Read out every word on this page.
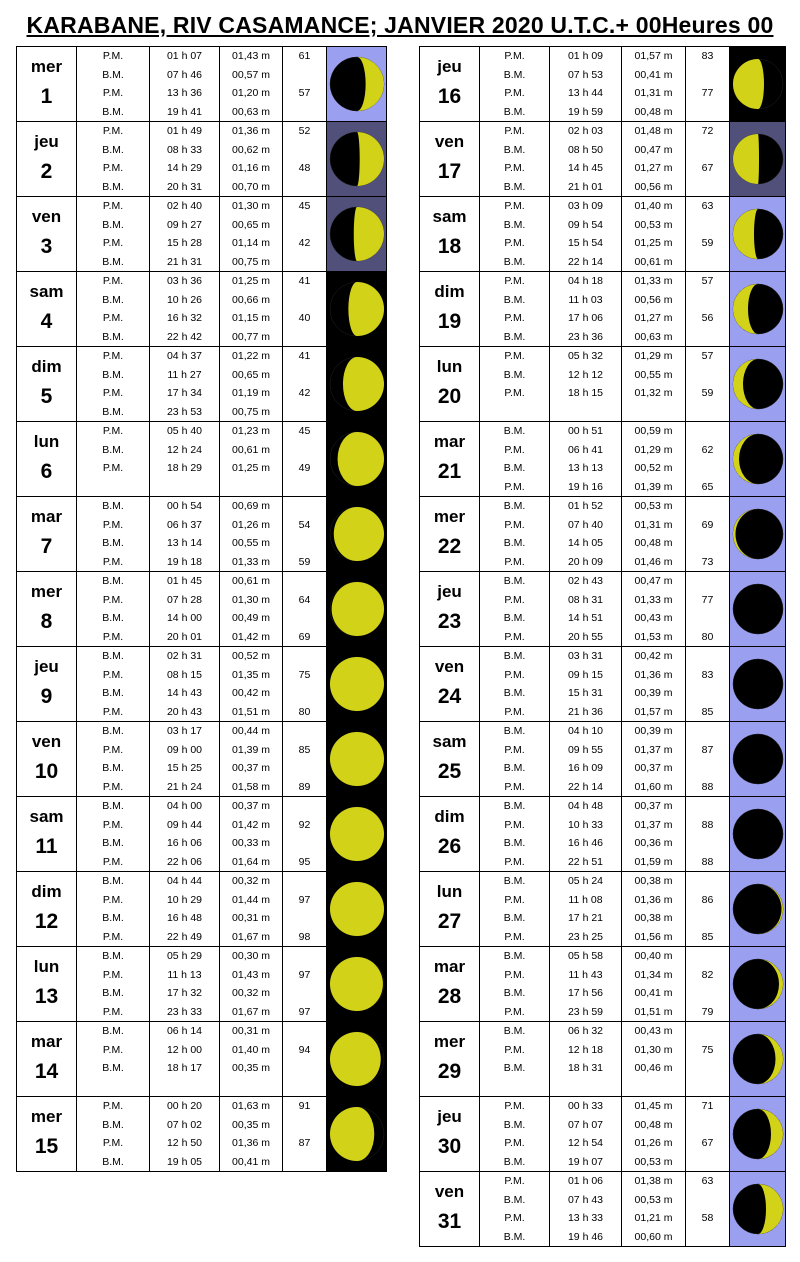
KARABANE, RIV CASAMANCE; JANVIER 2020 U.T.C.+ 00Heures 00
mer
1	P.M.	01 h 07	01,43 m	61	

	B.M.	07 h 46	00,57 m		
	P.M.	13 h 36	01,20 m	57	
	B.M.	19 h 41	00,63 m		

jeu
2	P.M.	01 h 49	01,36 m	52	

	B.M.	08 h 33	00,62 m		
	P.M.	14 h 29	01,16 m	48	
	B.M.	20 h 31	00,70 m		

ven
3	P.M.	02 h 40	01,30 m	45	

	B.M.	09 h 27	00,65 m		
	P.M.	15 h 28	01,14 m	42	
	B.M.	21 h 31	00,75 m		

sam
4	P.M.	03 h 36	01,25 m	41	

	B.M.	10 h 26	00,66 m		
	P.M.	16 h 32	01,15 m	40	
	B.M.	22 h 42	00,77 m		

dim
5	P.M.	04 h 37	01,22 m	41	

	B.M.	11 h 27	00,65 m		
	P.M.	17 h 34	01,19 m	42	
	B.M.	23 h 53	00,75 m		

lun
6	P.M.	05 h 40	01,23 m	45	

	B.M.	12 h 24	00,61 m		
	P.M.	18 h 29	01,25 m	49	

mar
7	B.M.	00 h 54	00,69 m		

	P.M.	06 h 37	01,26 m	54	
	B.M.	13 h 14	00,55 m		
	P.M.	19 h 18	01,33 m	59	

mer
8	B.M.	01 h 45	00,61 m		

	P.M.	07 h 28	01,30 m	64	
	B.M.	14 h 00	00,49 m		
	P.M.	20 h 01	01,42 m	69	

jeu
9	B.M.	02 h 31	00,52 m		

	P.M.	08 h 15	01,35 m	75	
	B.M.	14 h 43	00,42 m		
	P.M.	20 h 43	01,51 m	80	

ven
10	B.M.	03 h 17	00,44 m		

	P.M.	09 h 00	01,39 m	85	
	B.M.	15 h 25	00,37 m		
	P.M.	21 h 24	01,58 m	89	

sam
11	B.M.	04 h 00	00,37 m		

	P.M.	09 h 44	01,42 m	92	
	B.M.	16 h 06	00,33 m		
	P.M.	22 h 06	01,64 m	95	

dim
12	B.M.	04 h 44	00,32 m		

	P.M.	10 h 29	01,44 m	97	
	B.M.	16 h 48	00,31 m		
	P.M.	22 h 49	01,67 m	98	

lun
13	B.M.	05 h 29	00,30 m		

	P.M.	11 h 13	01,43 m	97	
	B.M.	17 h 32	00,32 m		
	P.M.	23 h 33	01,67 m	97	

mar
14	B.M.	06 h 14	00,31 m		

	P.M.	12 h 00	01,40 m	94	
	B.M.	18 h 17	00,35 m		

mer
15	P.M.	00 h 20	01,63 m	91	

	B.M.	07 h 02	00,35 m		
	P.M.	12 h 50	01,36 m	87	
	B.M.	19 h 05	00,41 m		
jeu
16	P.M.	01 h 09	01,57 m	83	

	B.M.	07 h 53	00,41 m		
	P.M.	13 h 44	01,31 m	77	
	B.M.	19 h 59	00,48 m		

ven
17	P.M.	02 h 03	01,48 m	72	

	B.M.	08 h 50	00,47 m		
	P.M.	14 h 45	01,27 m	67	
	B.M.	21 h 01	00,56 m		

sam
18	P.M.	03 h 09	01,40 m	63	

	B.M.	09 h 54	00,53 m		
	P.M.	15 h 54	01,25 m	59	
	B.M.	22 h 14	00,61 m		

dim
19	P.M.	04 h 18	01,33 m	57	

	B.M.	11 h 03	00,56 m		
	P.M.	17 h 06	01,27 m	56	
	B.M.	23 h 36	00,63 m		

lun
20	P.M.	05 h 32	01,29 m	57	

	B.M.	12 h 12	00,55 m		
	P.M.	18 h 15	01,32 m	59	

mar
21	B.M.	00 h 51	00,59 m		

	P.M.	06 h 41	01,29 m	62	
	B.M.	13 h 13	00,52 m		
	P.M.	19 h 16	01,39 m	65	

mer
22	B.M.	01 h 52	00,53 m		

	P.M.	07 h 40	01,31 m	69	
	B.M.	14 h 05	00,48 m		
	P.M.	20 h 09	01,46 m	73	

jeu
23	B.M.	02 h 43	00,47 m		

	P.M.	08 h 31	01,33 m	77	
	B.M.	14 h 51	00,43 m		
	P.M.	20 h 55	01,53 m	80	

ven
24	B.M.	03 h 31	00,42 m		

	P.M.	09 h 15	01,36 m	83	
	B.M.	15 h 31	00,39 m		
	P.M.	21 h 36	01,57 m	85	

sam
25	B.M.	04 h 10	00,39 m		

	P.M.	09 h 55	01,37 m	87	
	B.M.	16 h 09	00,37 m		
	P.M.	22 h 14	01,60 m	88	

dim
26	B.M.	04 h 48	00,37 m		

	P.M.	10 h 33	01,37 m	88	
	B.M.	16 h 46	00,36 m		
	P.M.	22 h 51	01,59 m	88	

lun
27	B.M.	05 h 24	00,38 m		

	P.M.	11 h 08	01,36 m	86	
	B.M.	17 h 21	00,38 m		
	P.M.	23 h 25	01,56 m	85	

mar
28	B.M.	05 h 58	00,40 m		

	P.M.	11 h 43	01,34 m	82	
	B.M.	17 h 56	00,41 m		
	P.M.	23 h 59	01,51 m	79	

mer
29	B.M.	06 h 32	00,43 m		

	P.M.	12 h 18	01,30 m	75	
	B.M.	18 h 31	00,46 m		

jeu
30	P.M.	00 h 33	01,45 m	71	

	B.M.	07 h 07	00,48 m		
	P.M.	12 h 54	01,26 m	67	
	B.M.	19 h 07	00,53 m		

ven
31	P.M.	01 h 06	01,38 m	63	

	B.M.	07 h 43	00,53 m		
	P.M.	13 h 33	01,21 m	58	
	B.M.	19 h 46	00,60 m		
